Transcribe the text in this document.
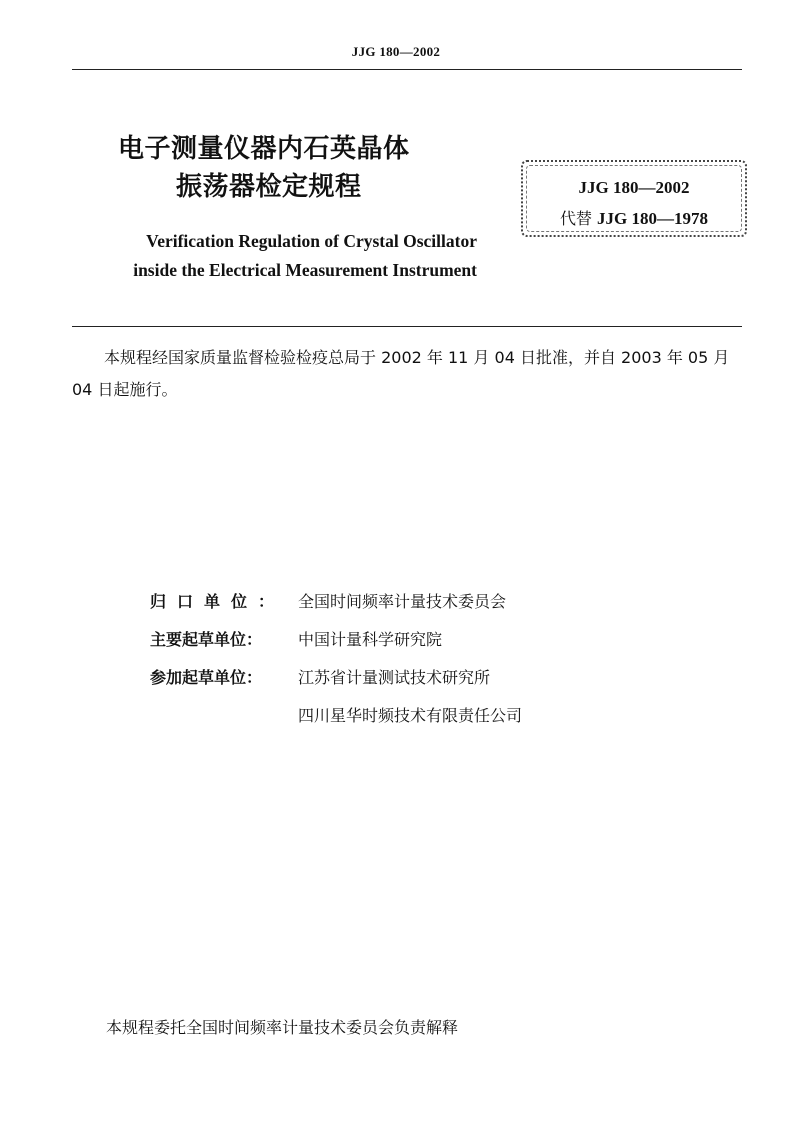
JJG 180—2002
电子测量仪器内石英晶体
振荡器检定规程	JJG 180—2002
代替 JJG 180—1978
Verification Regulation of Crystal Oscillator
inside the Electrical Measurement Instrument
本规程经国家质量监督检验检疫总局于 2002 年 11 月 04 日批准，并自 2003 年 05 月 04 日起施行。
归口单位： 全国时间频率计量技术委员会
主要起草单位： 中国计量科学研究院
参加起草单位： 江苏省计量测试技术研究所
四川星华时频技术有限责任公司
本规程委托全国时间频率计量技术委员会负责解释
